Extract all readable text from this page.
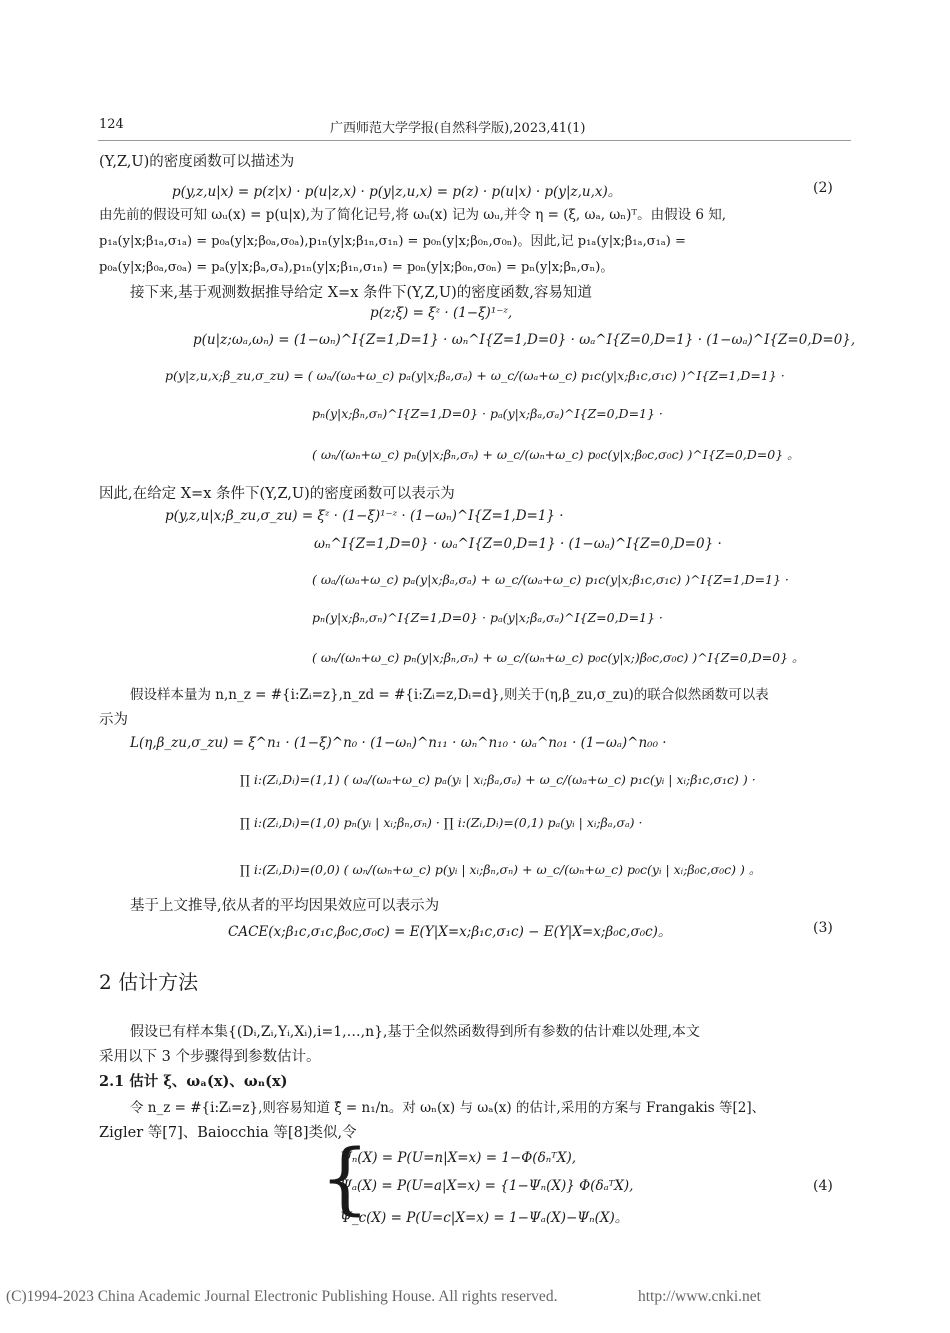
124	广西师范大学学报(自然科学版),2023,41(1)
(Y,Z,U)的密度函数可以描述为
p(y,z,u|x) = p(z|x) · p(u|z,x) · p(y|z,u,x) = p(z) · p(u|x) · p(y|z,u,x)。	(2)
由先前的假设可知 ωᵤ(x) = p(u|x),为了简化记号,将 ωᵤ(x) 记为 ωᵤ,并令 η = (ξ, ωₐ, ωₙ)ᵀ。由假设 6 知,
p₁ₐ(y|x;β₁ₐ,σ₁ₐ) = p₀ₐ(y|x;β₀ₐ,σ₀ₐ),p₁ₙ(y|x;β₁ₙ,σ₁ₙ) = p₀ₙ(y|x;β₀ₙ,σ₀ₙ)。因此,记 p₁ₐ(y|x;β₁ₐ,σ₁ₐ) =
p₀ₐ(y|x;β₀ₐ,σ₀ₐ) = pₐ(y|x;βₐ,σₐ),p₁ₙ(y|x;β₁ₙ,σ₁ₙ) = p₀ₙ(y|x;β₀ₙ,σ₀ₙ) = pₙ(y|x;βₙ,σₙ)。
接下来,基于观测数据推导给定 X=x 条件下(Y,Z,U)的密度函数,容易知道
p(z;ξ) = ξᶻ · (1−ξ)¹⁻ᶻ,
p(u|z;ωₐ,ωₙ) = (1−ωₙ)^I{Z=1,D=1} · ωₙ^I{Z=1,D=0} · ωₐ^I{Z=0,D=1} · (1−ωₐ)^I{Z=0,D=0},
p(y|z,u,x;β_zu,σ_zu) = ( ωₐ/(ωₐ+ω_c) pₐ(y|x;βₐ,σₐ) + ω_c/(ωₐ+ω_c) p₁c(y|x;β₁c,σ₁c) )^I{Z=1,D=1} ·
pₙ(y|x;βₙ,σₙ)^I{Z=1,D=0} · pₐ(y|x;βₐ,σₐ)^I{Z=0,D=1} ·
( ωₙ/(ωₙ+ω_c) pₙ(y|x;βₙ,σₙ) + ω_c/(ωₙ+ω_c) p₀c(y|x;β₀c,σ₀c) )^I{Z=0,D=0} 。
因此,在给定 X=x 条件下(Y,Z,U)的密度函数可以表示为
p(y,z,u|x;β_zu,σ_zu) = ξᶻ · (1−ξ)¹⁻ᶻ · (1−ωₙ)^I{Z=1,D=1} ·
ωₙ^I{Z=1,D=0} · ωₐ^I{Z=0,D=1} · (1−ωₐ)^I{Z=0,D=0} ·
( ωₐ/(ωₐ+ω_c) pₐ(y|x;βₐ,σₐ) + ω_c/(ωₐ+ω_c) p₁c(y|x;β₁c,σ₁c) )^I{Z=1,D=1} ·
pₙ(y|x;βₙ,σₙ)^I{Z=1,D=0} · pₐ(y|x;βₐ,σₐ)^I{Z=0,D=1} ·
( ωₙ/(ωₙ+ω_c) pₙ(y|x;βₙ,σₙ) + ω_c/(ωₙ+ω_c) p₀c(y|x;)β₀c,σ₀c) )^I{Z=0,D=0} 。
假设样本量为 n,n_z = #{i:Zᵢ=z},n_zd = #{i:Zᵢ=z,Dᵢ=d},则关于(η,β_zu,σ_zu)的联合似然函数可以表
示为
L(η,β_zu,σ_zu) = ξ^n₁ · (1−ξ)^n₀ · (1−ωₙ)^n₁₁ · ωₙ^n₁₀ · ωₐ^n₀₁ · (1−ωₐ)^n₀₀ ·
∏ i:(Zᵢ,Dᵢ)=(1,1) ( ωₐ/(ωₐ+ω_c) pₐ(yᵢ | xᵢ;βₐ,σₐ) + ω_c/(ωₐ+ω_c) p₁c(yᵢ | xᵢ;β₁c,σ₁c) ) ·
∏ i:(Zᵢ,Dᵢ)=(1,0) pₙ(yᵢ | xᵢ;βₙ,σₙ) · ∏ i:(Zᵢ,Dᵢ)=(0,1) pₐ(yᵢ | xᵢ;βₐ,σₐ) ·
∏ i:(Zᵢ,Dᵢ)=(0,0) ( ωₙ/(ωₙ+ω_c) p(yᵢ | xᵢ;βₙ,σₙ) + ω_c/(ωₙ+ω_c) p₀c(yᵢ | xᵢ;β₀c,σ₀c) ) 。
基于上文推导,依从者的平均因果效应可以表示为
CACE(x;β₁c,σ₁c,β₀c,σ₀c) = E(Y|X=x;β₁c,σ₁c) − E(Y|X=x;β₀c,σ₀c)。	(3)
2 估计方法
假设已有样本集{(Dᵢ,Zᵢ,Yᵢ,Xᵢ),i=1,…,n},基于全似然函数得到所有参数的估计难以处理,本文
采用以下 3 个步骤得到参数估计。
2.1 估计 ξ、ωₐ(x)、ωₙ(x)
令 n_z = #{i:Zᵢ=z},则容易知道 ξ̂ = n₁/n。对 ωₙ(x) 与 ωₐ(x) 的估计,采用的方案与 Frangakis 等[2]、
Zigler 等[7]、Baiocchia 等[8]类似,令
{
Ψₙ(X) = P(U=n|X=x) = 1−Φ(δₙᵀX),
Ψₐ(X) = P(U=a|X=x) = {1−Ψₙ(X)} Φ(δₐᵀX),
Ψ_c(X) = P(U=c|X=x) = 1−Ψₐ(X)−Ψₙ(X)。
(4)
(C)1994-2023 China Academic Journal Electronic Publishing House. All rights reserved.	http://www.cnki.net
